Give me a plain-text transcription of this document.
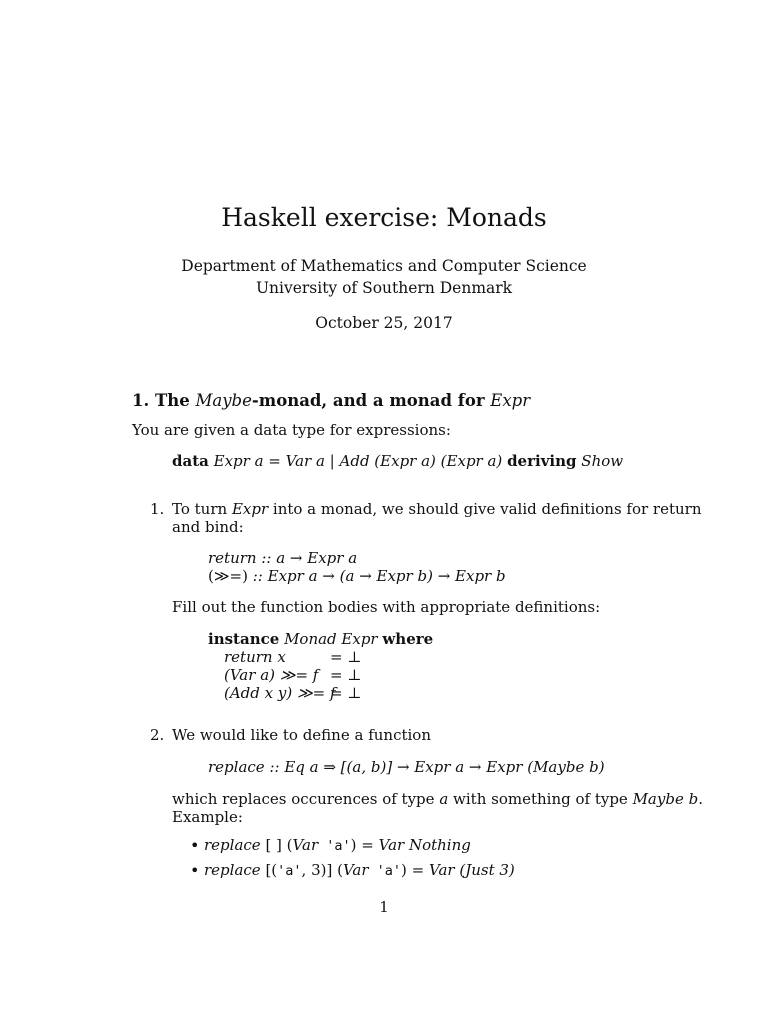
Haskell exercise: Monads
Department of Mathematics and Computer Science
University of Southern Denmark
October 25, 2017
1. The Maybe-monad, and a monad for Expr
You are given a data type for expressions:
data Expr a = Var a | Add (Expr a) (Expr a) deriving Show
1. To turn Expr into a monad, we should give valid definitions for return
and bind:
return :: a → Expr a
(≫=) :: Expr a → (a → Expr b) → Expr b
Fill out the function bodies with appropriate definitions:
instance Monad Expr where
return x	= ⊥
(Var a) ≫= f = ⊥
(Add x y) ≫= f
= ⊥
2. We would like to define a function
replace :: Eq a ⇒ [(a, b)] → Expr a → Expr (Maybe b)
which replaces occurences of type a with something of type Maybe b.
Example:
• replace [ ] (Var 'a') = Var Nothing
• replace [('a', 3)] (Var 'a') = Var (Just 3)
1
